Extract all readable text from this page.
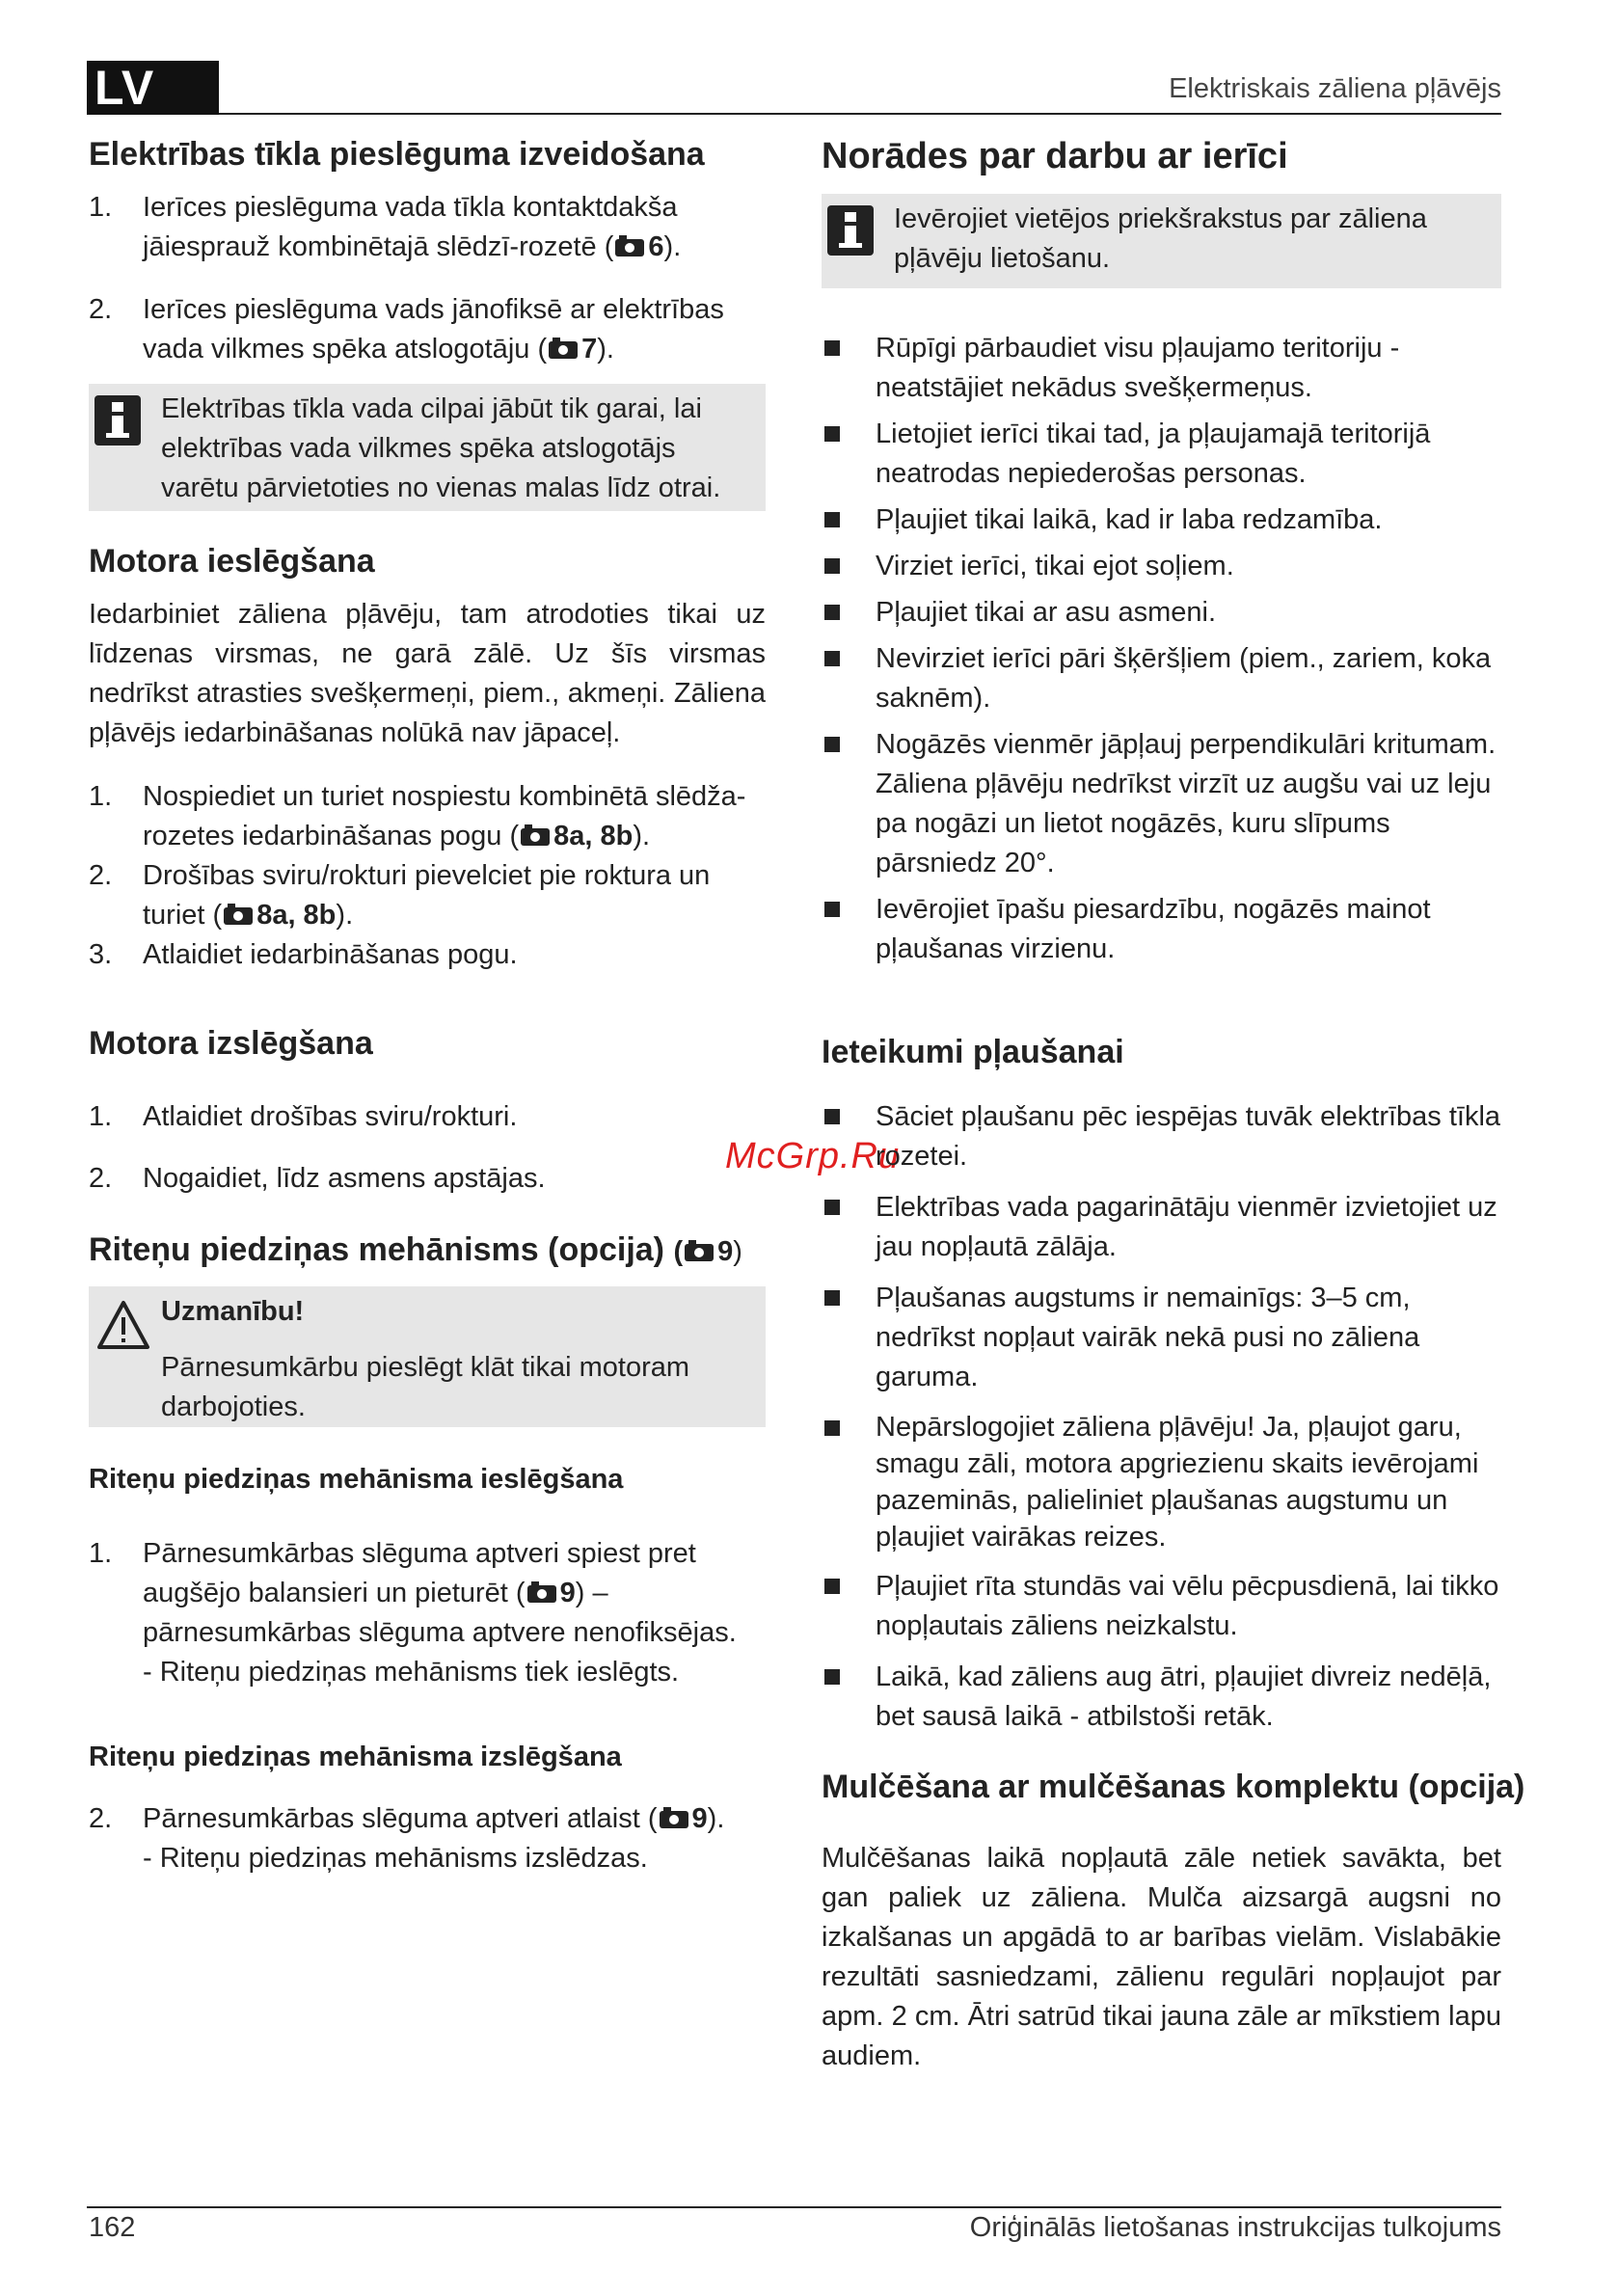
LV	Elektriskais zāliena pļāvējs
McGrp.Ru
162	Oriģinālās lietošanas instrukcijas tulkojums
Elektrības tīkla pieslēguma izveidošana
1. Ierīces pieslēguma vada tīkla kontaktdakša jāiesprauž kombinētajā slēdzī-rozetē ( 6).
2. Ierīces pieslēguma vads jānofiksē ar elektrības vada vilkmes spēka atslogotāju ( 7).
Elektrības tīkla vada cilpai jābūt tik garai, lai elektrības vada vilkmes spēka atslogotājs varētu pārvietoties no vienas malas līdz otrai.
Motora ieslēgšana
Iedarbiniet zāliena pļāvēju, tam atrodoties tikai uz līdzenas virsmas, ne garā zālē. Uz šīs virsmas nedrīkst atrasties svešķermeņi, piem., akmeņi. Zāliena pļāvējs iedarbināšanas nolūkā nav jāpaceļ.
1. Nospiediet un turiet nospiestu kombinētā slēdža-rozetes iedarbināšanas pogu ( 8a, 8b).
2. Drošības sviru/rokturi pievelciet pie roktura un turiet ( 8a, 8b).
3. Atlaidiet iedarbināšanas pogu.
Motora izslēgšana
1. Atlaidiet drošības sviru/rokturi.
2. Nogaidiet, līdz asmens apstājas.
Riteņu piedziņas mehānisms (opcija) ( 9)
Uzmanību!
Pārnesumkārbu pieslēgt klāt tikai motoram darbojoties.
Riteņu piedziņas mehānisma ieslēgšana
1. Pārnesumkārbas slēguma aptveri spiest pret augšējo balansieri un pieturēt ( 9) – pārnesumkārbas slēguma aptvere nenofiksējas.
- Riteņu piedziņas mehānisms tiek ieslēgts.
Riteņu piedziņas mehānisma izslēgšana
2. Pārnesumkārbas slēguma aptveri atlaist ( 9).
- Riteņu piedziņas mehānisms izslēdzas.
Norādes par darbu ar ierīci
Ievērojiet vietējos priekšrakstus par zāliena pļāvēju lietošanu.
Rūpīgi pārbaudiet visu pļaujamo teritoriju - neatstājiet nekādus svešķermeņus.
Lietojiet ierīci tikai tad, ja pļaujamajā teritorijā neatrodas nepiederošas personas.
Pļaujiet tikai laikā, kad ir laba redzamība.
Virziet ierīci, tikai ejot soļiem.
Pļaujiet tikai ar asu asmeni.
Nevirziet ierīci pāri šķēršļiem (piem., zariem, koka saknēm).
Nogāzēs vienmēr jāpļauj perpendikulāri kritumam. Zāliena pļāvēju nedrīkst virzīt uz augšu vai uz leju pa nogāzi un lietot nogāzēs, kuru slīpums pārsniedz 20°.
Ievērojiet īpašu piesardzību, nogāzēs mainot pļaušanas virzienu.
Ieteikumi pļaušanai
Sāciet pļaušanu pēc iespējas tuvāk elektrības tīkla rozetei.
Elektrības vada pagarinātāju vienmēr izvietojiet uz jau nopļautā zālāja.
Pļaušanas augstums ir nemainīgs: 3–5 cm, nedrīkst nopļaut vairāk nekā pusi no zāliena garuma.
Nepārslogojiet zāliena pļāvēju! Ja, pļaujot garu, smagu zāli, motora apgriezienu skaits ievērojami pazeminās, palieliniet pļaušanas augstumu un pļaujiet vairākas reizes.
Pļaujiet rīta stundās vai vēlu pēcpusdienā, lai tikko nopļautais zāliens neizkalstu.
Laikā, kad zāliens aug ātri, pļaujiet divreiz nedēļā, bet sausā laikā - atbilstoši retāk.
Mulčēšana ar mulčēšanas komplektu (opcija)
Mulčēšanas laikā nopļautā zāle netiek savākta, bet gan paliek uz zāliena. Mulča aizsargā augsni no izkalšanas un apgādā to ar barības vielām. Vislabākie rezultāti sasniedzami, zālienu regulāri nopļaujot par apm. 2 cm. Ātri satrūd tikai jauna zāle ar mīkstiem lapu audiem.
